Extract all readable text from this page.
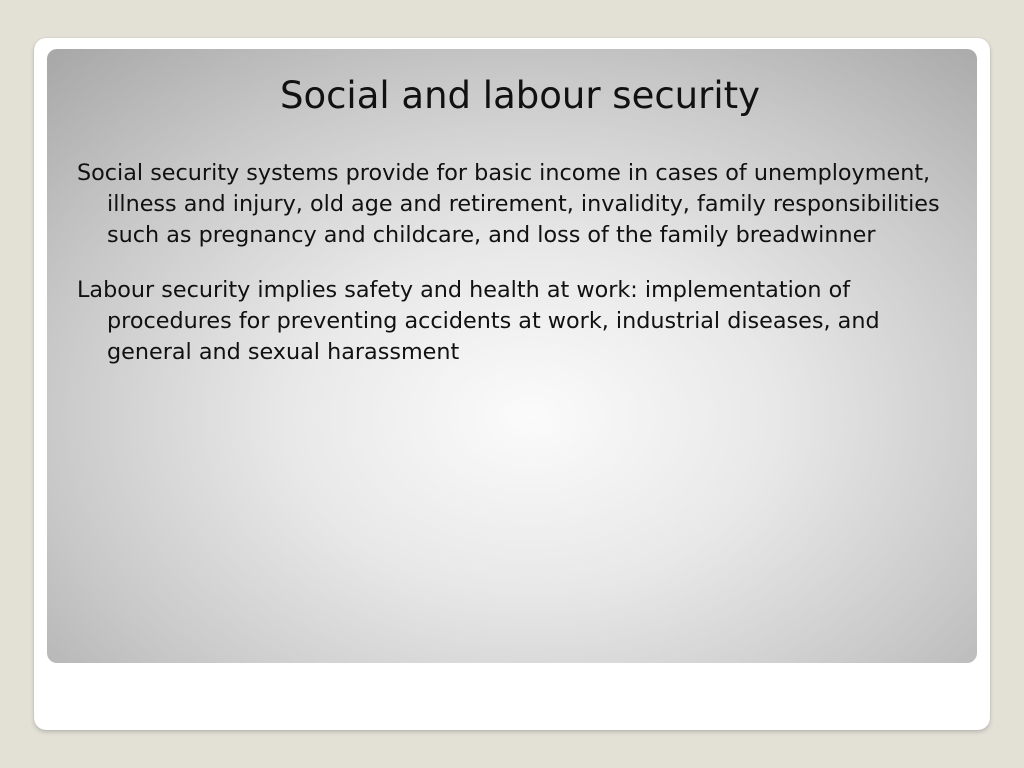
Social and labour security
Social security systems provide for basic income in cases of unemployment, illness and injury, old age and retirement, invalidity, family responsibilities such as pregnancy and childcare, and loss of the family breadwinner
Labour security implies safety and health at work: implementation of procedures for preventing accidents at work, industrial diseases, and general and sexual harassment
